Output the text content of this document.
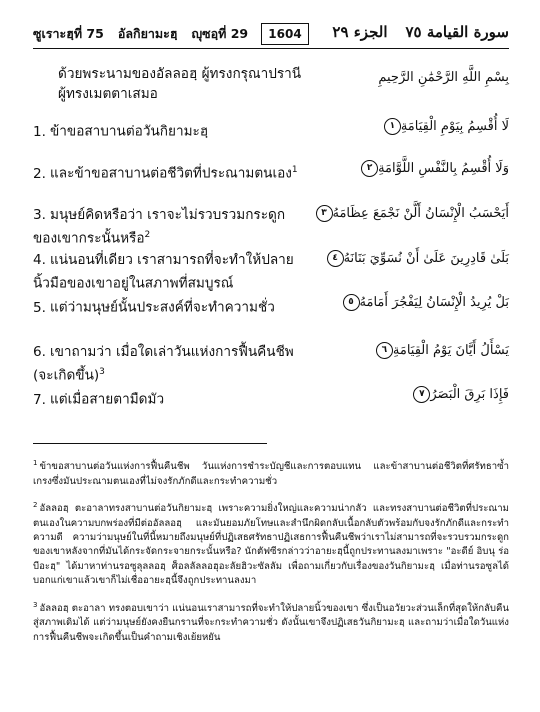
ซูเราะฮฺที่ 75 อัลกิยามะฮฺ ญุซอฺที่ 29	1604	سورة القيامة ٧٥
الجزء ٢٩
ด้วยพระนามของอัลลอฮฺ ผู้ทรงกรุณาปรานี ผู้ทรงเมตตาเสมอ
بِسْمِ اللَّهِ الرَّحْمَٰنِ الرَّحِيمِ
1. ข้าขอสาบานต่อวันกิยามะฮฺ	لَا أُقْسِمُ بِيَوْمِ الْقِيَامَةِ١
2. และข้าขอสาบานต่อชีวิตที่ประณามตนเอง$^1$	وَلَا أُقْسِمُ بِالنَّفْسِ اللَّوَّامَةِ٢
3. มนุษย์คิดหรือว่า เราจะไม่รวบรวมกระดูกของเขากระนั้นหรือ$^2$
أَيَحْسَبُ الْإِنْسَانُ أَلَّنْ نَجْمَعَ عِظَامَهُ٣
4. แน่นอนที่เดียว เราสามารถที่จะทำให้ปลายนิ้วมือของเขาอยู่ในสภาพที่สมบูรณ์
بَلَىٰ قَادِرِينَ عَلَىٰ أَنْ نُسَوِّيَ بَنَانَهُ٤
5. แต่ว่ามนุษย์นั้นประสงค์ที่จะทำความชั่ว	بَلْ يُرِيدُ الْإِنْسَانُ لِيَفْجُرَ أَمَامَهُ٥
6. เขาถามว่า เมื่อใดเล่าวันแห่งการฟื้นคืนชีพ (จะเกิดขึ้น)$^3$
يَسْأَلُ أَيَّانَ يَوْمُ الْقِيَامَةِ٦
7. แต่เมื่อสายตามืดมัว	فَإِذَا بَرِقَ الْبَصَرُ٧
$^1$ ข้าขอสาบานต่อวันแห่งการฟื้นคืนชีพ วันแห่งการชำระบัญชีและการตอบแทน และข้าสาบานต่อชีวิตที่ศรัทธาซ้ำเกรงซึ่งมันประณามตนเองที่ไม่จงรักภักดีและกระทำความชั่ว
$^2$ อัลลอฮฺ ตะอาลาทรงสาบานต่อวันกิยามะฮฺ เพราะความยิ่งใหญ่และความน่ากลัว และทรงสาบานต่อชีวิตที่ประณามตนเองในความบกพร่องที่มีต่ออัลลอฮฺ และมันยอมภัยโทษและสำนึกผิดกลับเนื้อกลับตัวพร้อมกับจงรักภักดีและกระทำความดี ความว่ามนุษย์ในที่นี้หมายถึงมนุษย์ที่ปฏิเสธศรัทธาปฏิเสธการฟื้นคืนชีพว่าเราไม่สามารถที่จะรวบรวมกระดูกของเขาหลังจากที่มันได้กระจัดกระจายกระนั้นหรือ? นักตัฟซีรกล่าวว่าอายะฮฺนี้ถูกประทานลงมาเพราะ "อะดีย์ อิบนุ ร่อบีอะฮฺ" ได้มาหาท่านรอซูลุลลอฮฺ ศ็อลลัลลอฮุอะลัยฮิวะซัลลัม เพื่อถามเกี่ยวกับเรื่องของวันกิยามะฮฺ เมื่อท่านรอซูลได้บอกแก่เขาแล้วเขาก็ไม่เชื่ออายะฮฺนี้จึงถูกประทานลงมา
$^3$ อัลลอฮฺ ตะอาลา ทรงตอบเขาว่า แน่นอนเราสามารถที่จะทำให้ปลายนิ้วของเขา ซึ่งเป็นอวัยวะส่วนเล็กที่สุดให้กลับคืนสู่สภาพเดิมได้ แต่ว่ามนุษย์ยังคงยืนกรานที่จะกระทำความชั่ว ดังนั้นเขาจึงปฏิเสธวันกิยามะฮฺ และถามว่าเมื่อใดวันแห่งการฟื้นคืนชีพจะเกิดขึ้นเป็นคำถามเชิงเย้ยหยัน
